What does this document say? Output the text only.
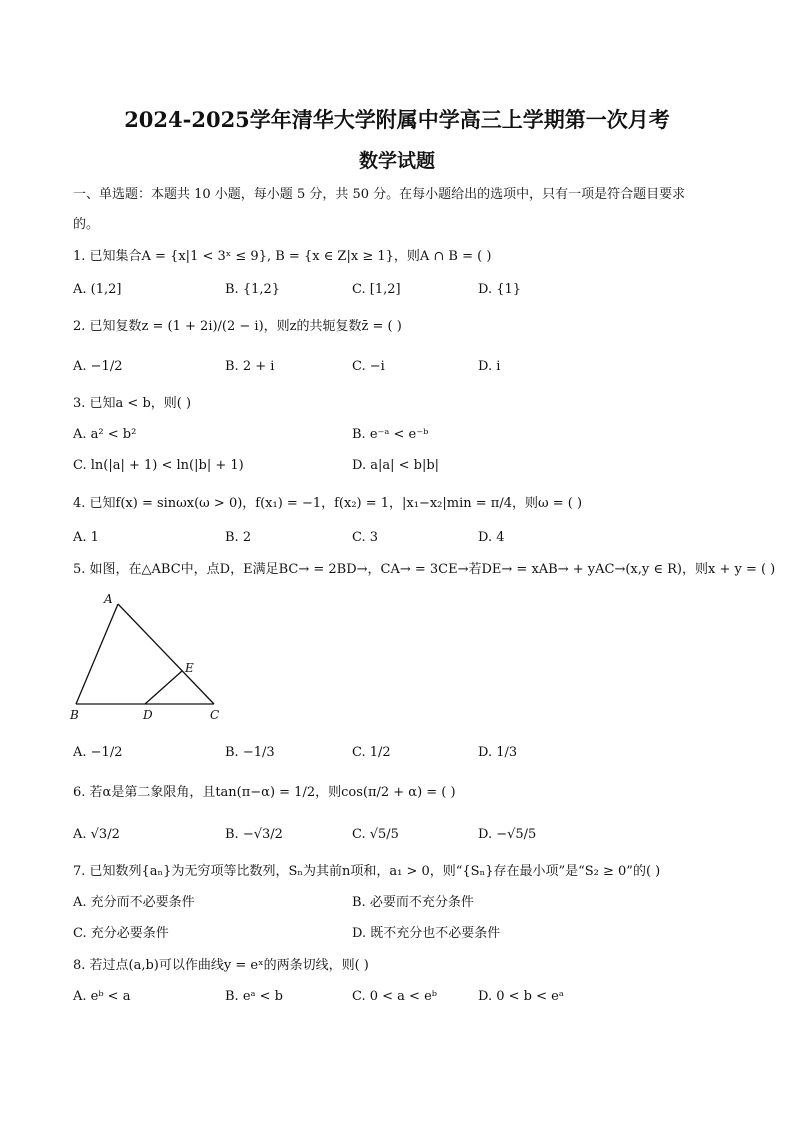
2024-2025学年清华大学附属中学高三上学期第一次月考
数学试题
一、单选题：本题共 10 小题，每小题 5 分，共 50 分。在每小题给出的选项中，只有一项是符合题目要求
的。
1. 已知集合A = {x|1 < 3ˣ ≤ 9}, B = {x ∈ Z|x ≥ 1}，则A ∩ B = ( )
A. (1,2]	B. {1,2}	C. [1,2]	D. {1}
2. 已知复数z = (1 + 2i)/(2 − i)，则z的共轭复数z̄ = ( )
A. −1/2	B. 2 + i	C. −i	D. i
3. 已知a < b，则( )
A. a² < b²	B. e⁻ᵃ < e⁻ᵇ
C. ln(|a| + 1) < ln(|b| + 1)	D. a|a| < b|b|
4. 已知f(x) = sinωx(ω > 0)，f(x₁) = −1，f(x₂) = 1，|x₁−x₂|min = π/4，则ω = ( )
A. 1	B. 2	C. 3	D. 4
5. 如图，在△ABC中，点D，E满足BC→ = 2BD→，CA→ = 3CE→若DE→ = xAB→ + yAC→(x,y ∈ R)，则x + y = ( )
A
B	C
D
E
A. −1/2	B. −1/3	C. 1/2	D. 1/3
6. 若α是第二象限角，且tan(π−α) = 1/2，则cos(π/2 + α) = ( )
A. √3/2	B. −√3/2	C. √5/5	D. −√5/5
7. 已知数列{aₙ}为无穷项等比数列，Sₙ为其前n项和，a₁ > 0，则“{Sₙ}存在最小项”是“S₂ ≥ 0”的( )
A. 充分而不必要条件	B. 必要而不充分条件
C. 充分必要条件	D. 既不充分也不必要条件
8. 若过点(a,b)可以作曲线y = eˣ的两条切线，则( )
A. eᵇ < a	B. eᵃ < b	C. 0 < a < eᵇ	D. 0 < b < eᵃ
